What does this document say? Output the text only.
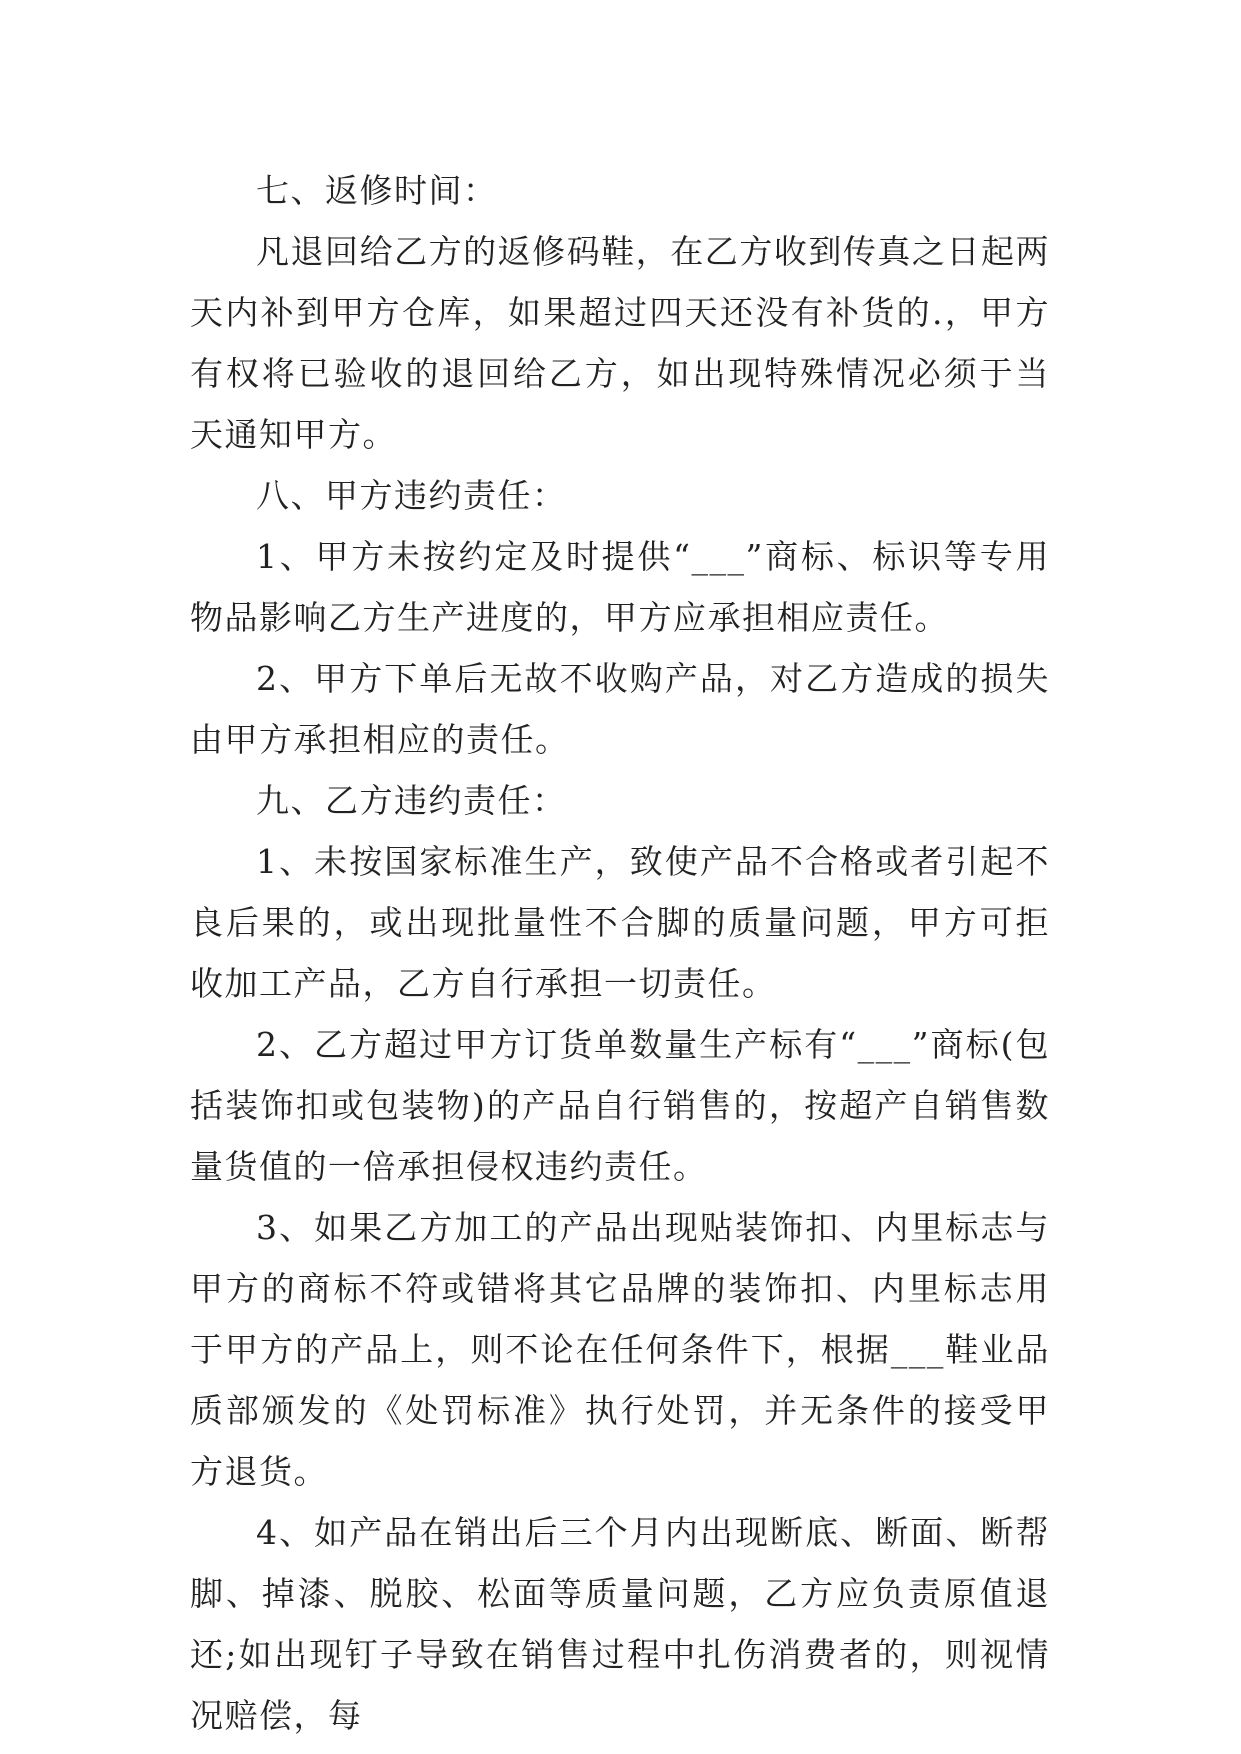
七、返修时间：

凡退回给乙方的返修码鞋，在乙方收到传真之日起两天内补到甲方仓库，如果超过四天还没有补货的.，甲方有权将已验收的退回给乙方，如出现特殊情况必须于当天通知甲方。

八、甲方违约责任：

1、甲方未按约定及时提供“___”商标、标识等专用物品影响乙方生产进度的，甲方应承担相应责任。

2、甲方下单后无故不收购产品，对乙方造成的损失由甲方承担相应的责任。

九、乙方违约责任：

1、未按国家标准生产，致使产品不合格或者引起不良后果的，或出现批量性不合脚的质量问题，甲方可拒收加工产品，乙方自行承担一切责任。

2、乙方超过甲方订货单数量生产标有“___”商标(包括装饰扣或包装物)的产品自行销售的，按超产自销售数量货值的一倍承担侵权违约责任。

3、如果乙方加工的产品出现贴装饰扣、内里标志与甲方的商标不符或错将其它品牌的装饰扣、内里标志用于甲方的产品上，则不论在任何条件下，根据___鞋业品质部颁发的《处罚标准》执行处罚，并无条件的接受甲方退货。

4、如产品在销出后三个月内出现断底、断面、断帮脚、掉漆、脱胶、松面等质量问题，乙方应负责原值退还;如出现钉子导致在销售过程中扎伤消费者的，则视情况赔偿，每
